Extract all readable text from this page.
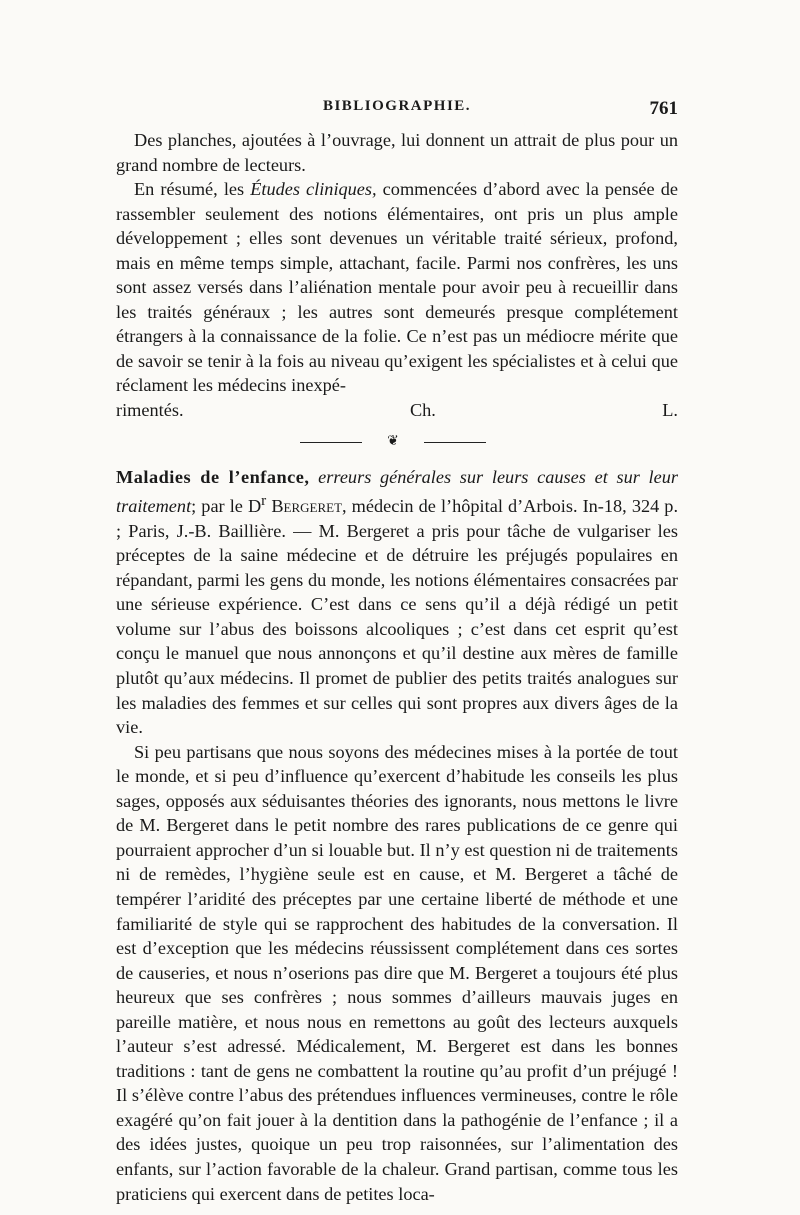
BIBLIOGRAPHIE.	761

Des planches, ajoutées à l’ouvrage, lui donnent un attrait de plus pour un grand nombre de lecteurs.

En résumé, les Études cliniques, commencées d’abord avec la pensée de rassembler seulement des notions élémentaires, ont pris un plus ample développement ; elles sont devenues un véritable traité sérieux, profond, mais en même temps simple, attachant, facile. Parmi nos confrères, les uns sont assez versés dans l’aliénation mentale pour avoir peu à recueillir dans les traités généraux ; les autres sont demeurés presque complétement étrangers à la connaissance de la folie. Ce n’est pas un médiocre mérite que de savoir se tenir à la fois au niveau qu’exigent les spécialistes et à celui que réclament les médecins inexpé-

rimentés.	Ch. L.

❦

Maladies de l’enfance, erreurs générales sur leurs causes et sur leur traitement; par le $D^r$ Bergeret, médecin de l’hôpital d’Arbois. In-18, 324 p. ; Paris, J.-B. Baillière. — M. Bergeret a pris pour tâche de vulgariser les préceptes de la saine médecine et de détruire les préjugés populaires en répandant, parmi les gens du monde, les notions élémentaires consacrées par une sérieuse expérience. C’est dans ce sens qu’il a déjà rédigé un petit volume sur l’abus des boissons alcooliques ; c’est dans cet esprit qu’est conçu le manuel que nous annonçons et qu’il destine aux mères de famille plutôt qu’aux médecins. Il promet de publier des petits traités analogues sur les maladies des femmes et sur celles qui sont propres aux divers âges de la vie.

Si peu partisans que nous soyons des médecines mises à la portée de tout le monde, et si peu d’influence qu’exercent d’habitude les conseils les plus sages, opposés aux séduisantes théories des ignorants, nous mettons le livre de M. Bergeret dans le petit nombre des rares publications de ce genre qui pourraient approcher d’un si louable but. Il n’y est question ni de traitements ni de remèdes, l’hygiène seule est en cause, et M. Bergeret a tâché de tempérer l’aridité des préceptes par une certaine liberté de méthode et une familiarité de style qui se rapprochent des habitudes de la conversation. Il est d’exception que les médecins réussissent complétement dans ces sortes de causeries, et nous n’oserions pas dire que M. Bergeret a toujours été plus heureux que ses confrères ; nous sommes d’ailleurs mauvais juges en pareille matière, et nous nous en remettons au goût des lecteurs auxquels l’auteur s’est adressé. Médicalement, M. Bergeret est dans les bonnes traditions : tant de gens ne combattent la routine qu’au profit d’un préjugé ! Il s’élève contre l’abus des prétendues influences vermineuses, contre le rôle exagéré qu’on fait jouer à la dentition dans la pathogénie de l’enfance ; il a des idées justes, quoique un peu trop raisonnées, sur l’alimentation des enfants, sur l’action favorable de la chaleur. Grand partisan, comme tous les praticiens qui exercent dans de petites loca-
